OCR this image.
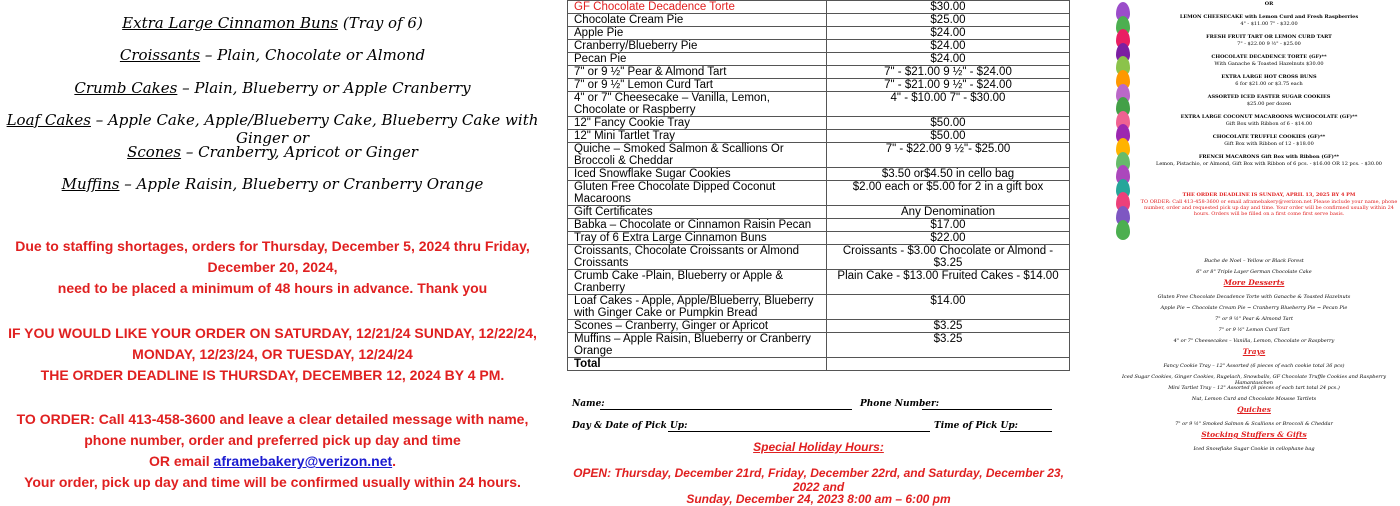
Extra Large Cinnamon Buns (Tray of 6)
Croissants – Plain, Chocolate or Almond
Crumb Cakes – Plain, Blueberry or Apple Cranberry
Loaf Cakes – Apple Cake, Apple/Blueberry Cake, Blueberry Cake with Ginger or
Scones – Cranberry, Apricot or Ginger
Muffins – Apple Raisin, Blueberry or Cranberry Orange
Due to staffing shortages, orders for Thursday, December 5, 2024 thru Friday,
December 20, 2024,
need to be placed a minimum of 48 hours in advance. Thank you
IF YOU WOULD LIKE YOUR ORDER ON SATURDAY, 12/21/24 SUNDAY, 12/22/24,
MONDAY, 12/23/24, OR TUESDAY, 12/24/24
THE ORDER DEADLINE IS THURSDAY, DECEMBER 12, 2024 BY 4 PM.
TO ORDER: Call 413-458-3600 and leave a clear detailed message with name,
phone number, order and preferred pick up day and time
OR email aframebakery@verizon.net.
Your order, pick up day and time will be confirmed usually within 24 hours.
GF Chocolate Decadence Torte	$30.00
Chocolate Cream Pie	$25.00
Apple Pie	$24.00
Cranberry/Blueberry Pie	$24.00
Pecan Pie	$24.00
7" or 9 ½" Pear & Almond Tart	7" - $21.00 9 ½" - $24.00
7" or 9 ½" Lemon Curd Tart	7" - $21.00 9 ½" - $24.00
4" or 7" Cheesecake – Vanilla, Lemon, Chocolate or Raspberry	4" - $10.00 7" - $30.00
12" Fancy Cookie Tray	$50.00
12" Mini Tartlet Tray	$50.00
Quiche – Smoked Salmon & Scallions Or Broccoli & Cheddar	7" - $22.00 9 ½"- $25.00
Iced Snowflake Sugar Cookies	$3.50 or$4.50 in cello bag
Gluten Free Chocolate Dipped Coconut Macaroons	$2.00 each or $5.00 for 2 in a gift box
Gift Certificates	Any Denomination
Babka – Chocolate or Cinnamon Raisin Pecan	$17.00
Tray of 6 Extra Large Cinnamon Buns	$22.00
Croissants, Chocolate Croissants or Almond Croissants	Croissants - $3.00 Chocolate or Almond - $3.25
Crumb Cake -Plain, Blueberry or Apple & Cranberry	Plain Cake - $13.00 Fruited Cakes - $14.00
Loaf Cakes - Apple, Apple/Blueberry, Blueberry with Ginger Cake or Pumpkin Bread	$14.00
Scones – Cranberry, Ginger or Apricot	$3.25
Muffins – Apple Raisin, Blueberry or Cranberry Orange	$3.25
Total	
Name:	Phone Number:
Day & Date of Pick Up:	Time of Pick Up:
Special Holiday Hours:
OPEN: Thursday, December 21rd, Friday, December 22rd, and Saturday, December 23, 2022 and
Sunday, December 24, 2023 8:00 am – 6:00 pm
OR
LEMON CHEESECAKE with Lemon Curd and Fresh Raspberries
4" - $11.00 7" - $32.00
FRESH FRUIT TART OR LEMON CURD TART
7" - $22.00 9 ½" - $25.00
CHOCOLATE DECADENCE TORTE (GF)**
With Ganache & Toasted Hazelnuts $30.00
EXTRA LARGE HOT CROSS BUNS
6 for $21.00 or $3.75 each
ASSORTED ICED EASTER SUGAR COOKIES
$25.00 per dozen
EXTRA LARGE COCONUT MACAROONS W/CHOCOLATE (GF)**
Gift Box with Ribbon of 6 - $14.00
CHOCOLATE TRUFFLE COOKIES (GF)**
Gift Box with Ribbon of 12 - $18.00
FRENCH MACARONS Gift Box with Ribbon (GF)**
Lemon, Pistachio, or Almond, Gift Box with Ribbon of 6 pcs. - $16.00 OR 12 pcs. - $30.00
THE ORDER DEADLINE IS SUNDAY, APRIL 13, 2025 BY 4 PM
TO ORDER: Call 413-458-3600 or email aframebakery@verizon.net Please include your name, phone number, order and requested pick up day and time. Your order will be confirmed usually within 24 hours. Orders will be filled on a first come first serve basis.
Buche de Noel – Yellow or Black Forest
6" or 8" Triple Layer German Chocolate Cake
More Desserts
Gluten Free Chocolate Decadence Torte with Ganache & Toasted Hazelnuts
Apple Pie ~ Chocolate Cream Pie ~ Cranberry Blueberry Pie ~ Pecan Pie
7" or 9 ½" Pear & Almond Tart
7" or 9 ½" Lemon Curd Tart
4" or 7" Cheesecakes – Vanilla, Lemon, Chocolate or Raspberry
Trays
Fancy Cookie Tray – 12" Assorted (6 pieces of each cookie total 36 pcs)
Iced Sugar Cookies, Ginger Cookies, Rugelach, Snowballs, GF Chocolate Truffle Cookies and Raspberry Hamantaschen
Mini Tartlet Tray – 12" Assorted (8 pieces of each tart total 24 pcs.)
Nut, Lemon Curd and Chocolate Mousse Tartlets
Quiches
7" or 9 ½" Smoked Salmon & Scallions or Broccoli & Cheddar
Stocking Stuffers & Gifts
Iced Snowflake Sugar Cookie in cellophane bag
